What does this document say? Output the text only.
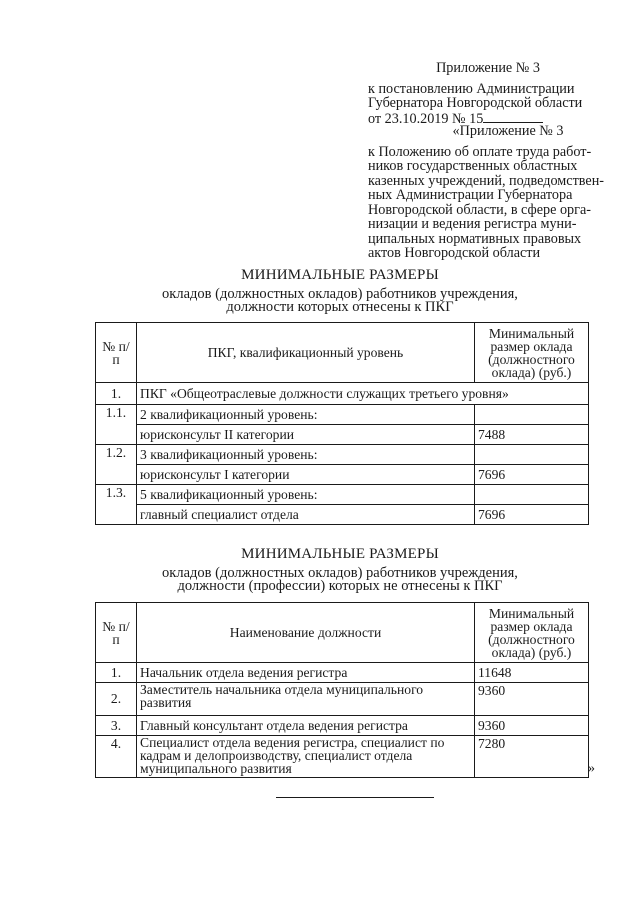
Приложение № 3
к постановлению Администрации
Губернатора Новгородской области
от 23.10.2019 № 15
«Приложение № 3
к Положению об оплате труда работ-
ников государственных областных
казенных учреждений, подведомствен-
ных Администрации Губернатора
Новгородской области, в сфере орга-
низации и ведения регистра муни-
ципальных нормативных правовых
актов Новгородской области
МИНИМАЛЬНЫЕ РАЗМЕРЫ
окладов (должностных окладов) работников учреждения,
должности которых отнесены к ПКГ
№ п/п	ПКГ, квалификационный уровень	Минимальный размер оклада (должностного оклада) (руб.)
1.	ПКГ «Общеотраслевые должности служащих третьего уровня»	
1.1.	2 квалификационный уровень:	
	юрисконсульт II категории	7488
1.2.	3 квалификационный уровень:	
	юрисконсульт I категории	7696
1.3.	5 квалификационный уровень:	
	главный специалист отдела	7696
МИНИМАЛЬНЫЕ РАЗМЕРЫ
окладов (должностных окладов) работников учреждения,
должности (профессии) которых не отнесены к ПКГ
№ п/п	Наименование должности	Минимальный размер оклада (должностного оклада) (руб.)
1.	Начальник отдела ведения регистра	11648
2.	Заместитель начальника отдела муниципального развития	9360
3.	Главный консультант отдела ведения регистра	9360
4.	Специалист отдела ведения регистра, специалист по кадрам и делопроизводству, специалист отдела муниципального развития	7280
»
